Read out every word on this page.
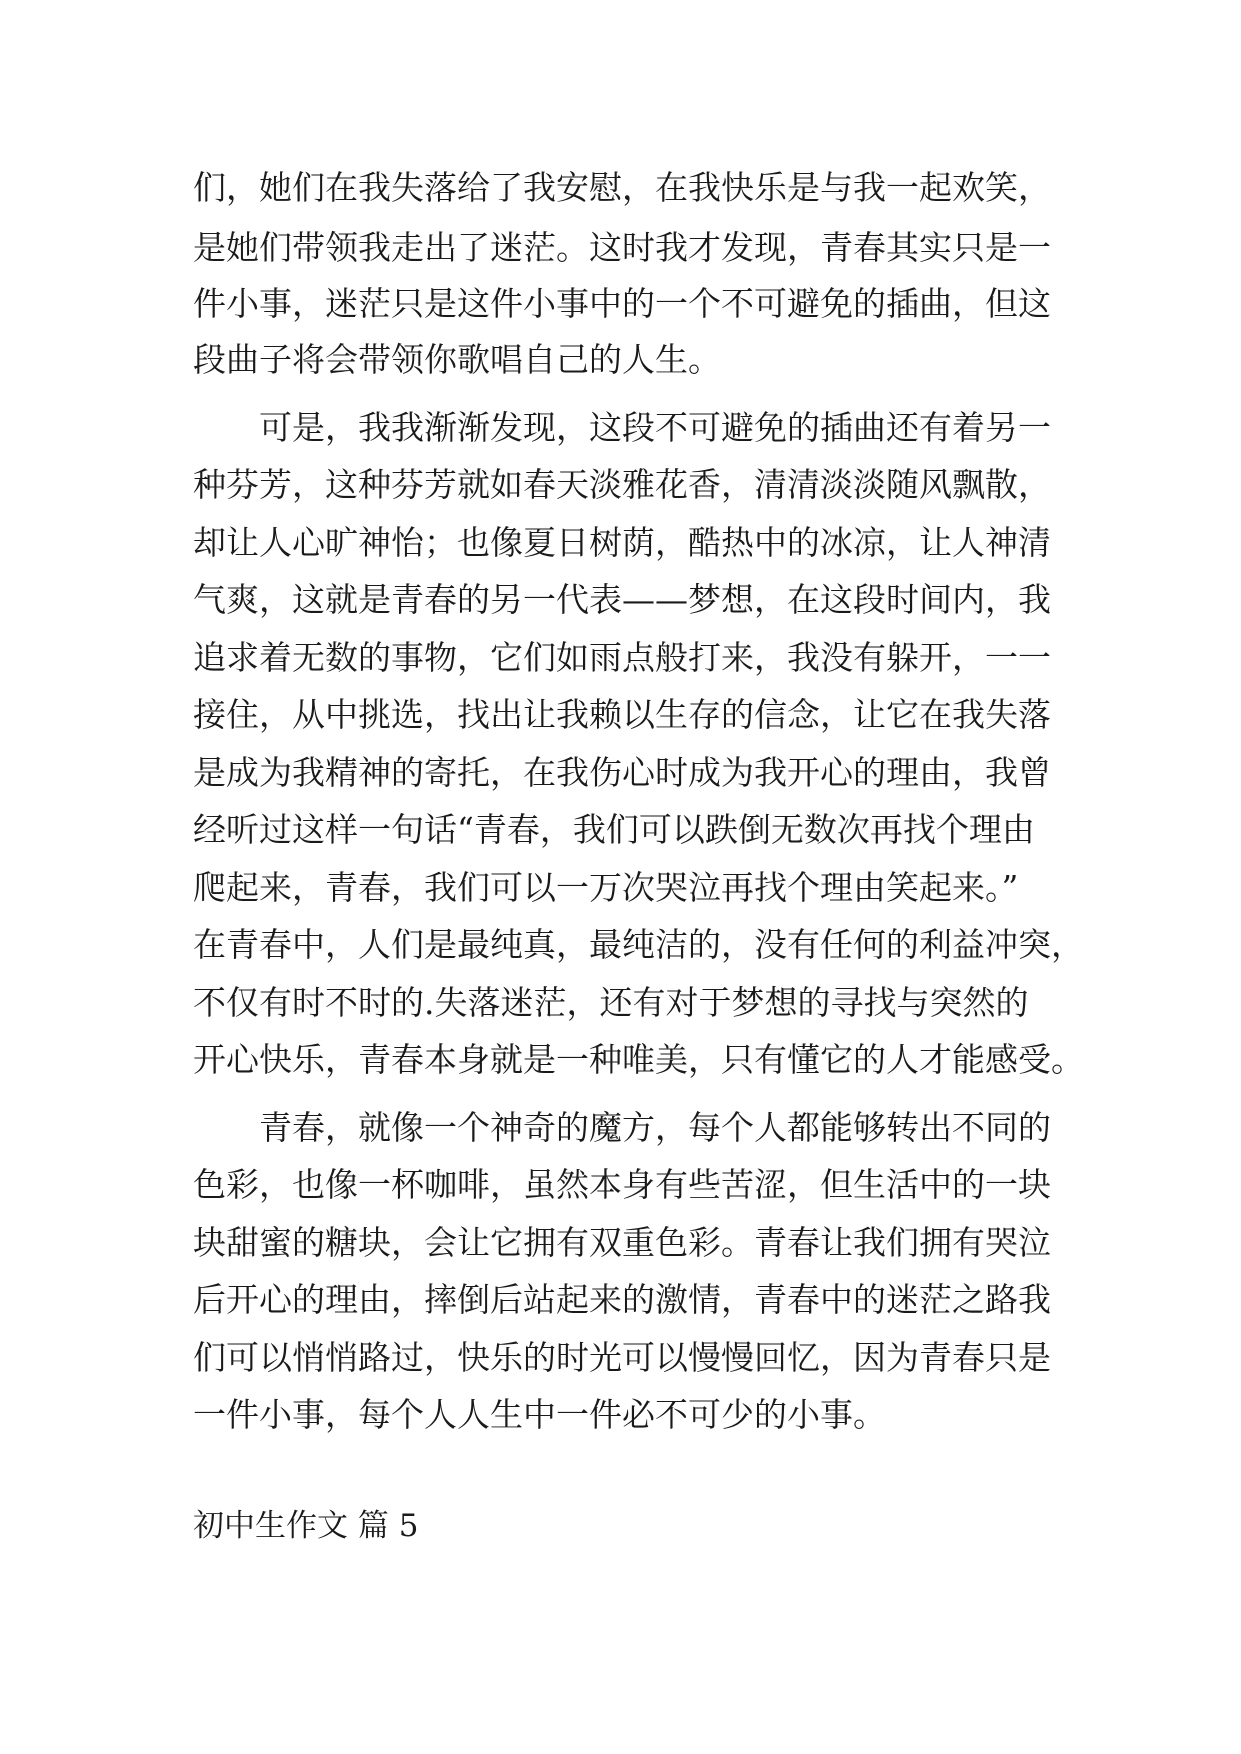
们，她们在我失落给了我安慰，在我快乐是与我一起欢笑，
是她们带领我走出了迷茫。这时我才发现，青春其实只是一
件小事，迷茫只是这件小事中的一个不可避免的插曲，但这
段曲子将会带领你歌唱自己的人生。
可是，我我渐渐发现，这段不可避免的插曲还有着另一
种芬芳，这种芬芳就如春天淡雅花香，清清淡淡随风飘散，
却让人心旷神怡；也像夏日树荫，酷热中的冰凉，让人神清
气爽，这就是青春的另一代表——梦想，在这段时间内，我
追求着无数的事物，它们如雨点般打来，我没有躲开，一一
接住，从中挑选，找出让我赖以生存的信念，让它在我失落
是成为我精神的寄托，在我伤心时成为我开心的理由，我曾
经听过这样一句话“青春，我们可以跌倒无数次再找个理由
爬起来，青春，我们可以一万次哭泣再找个理由笑起来。”
在青春中，人们是最纯真，最纯洁的，没有任何的利益冲突，
不仅有时不时的.失落迷茫，还有对于梦想的寻找与突然的
开心快乐，青春本身就是一种唯美，只有懂它的人才能感受。
青春，就像一个神奇的魔方，每个人都能够转出不同的
色彩，也像一杯咖啡，虽然本身有些苦涩，但生活中的一块
块甜蜜的糖块，会让它拥有双重色彩。青春让我们拥有哭泣
后开心的理由，摔倒后站起来的激情，青春中的迷茫之路我
们可以悄悄路过，快乐的时光可以慢慢回忆，因为青春只是
一件小事，每个人人生中一件必不可少的小事。
初中生作文 篇 5
